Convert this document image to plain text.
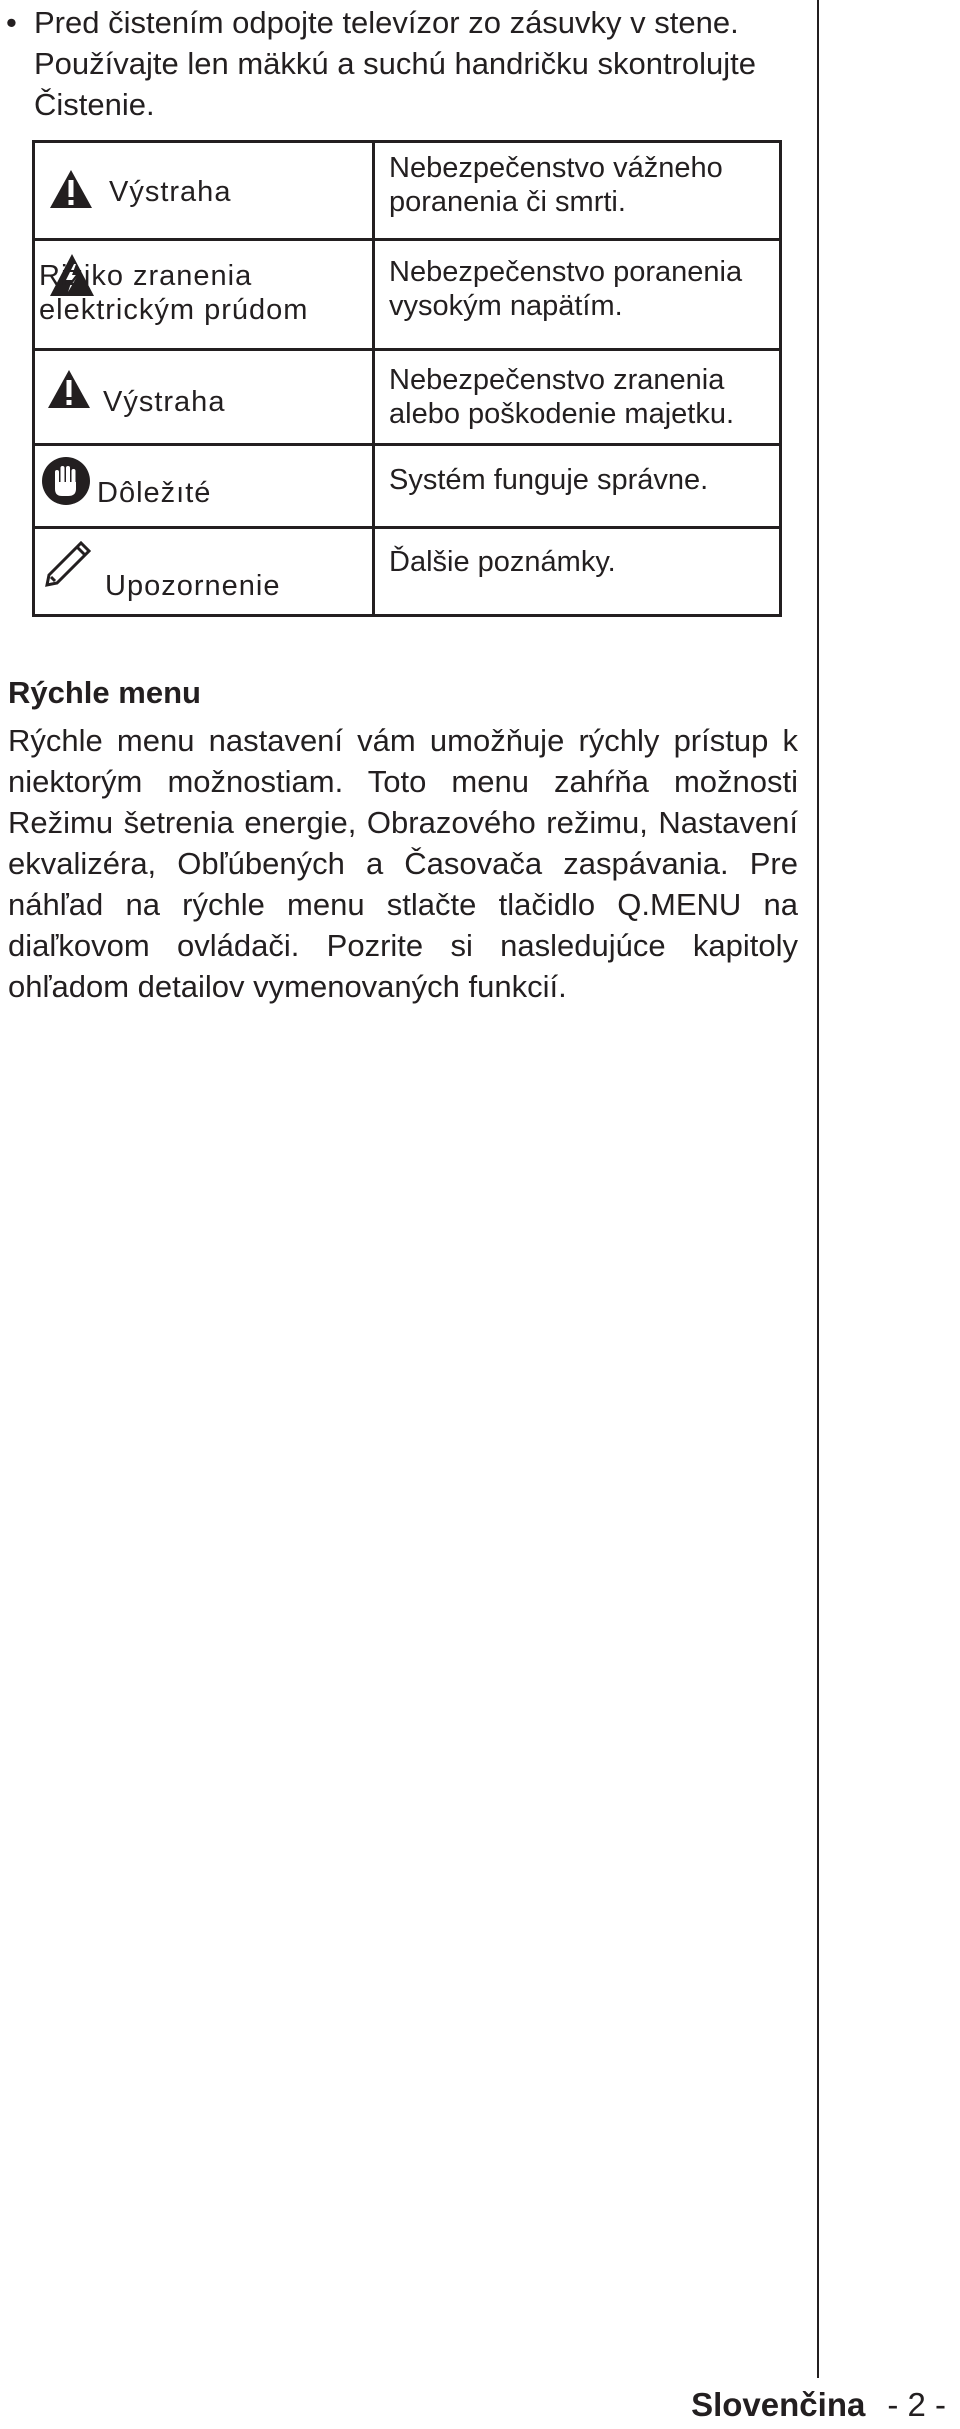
• Pred čistením odpojte televízor zo zásuvky v stene.
Používajte len mäkkú a suchú handričku skontrolujte
Čistenie.
Výstraha
Nebezpečenstvo vážneho poranenia či smrti.
Riziko zranenia elektrickým prúdom
Nebezpečenstvo poranenia vysokým napätím.
Výstraha
Nebezpečenstvo zranenia alebo poškodenie majetku.
Dôležıté	Systém funguje správne.
Upozornenie
Ďalšie poznámky.
Rýchle menu
Rýchle menu nastavení vám umožňuje rýchly prístup k niektorým možnostiam. Toto menu zahŕňa možnosti Režimu šetrenia energie, Obrazového režimu, Nastavení ekvalizéra, Obľúbených a Časovača zaspávania. Pre náhľad na rýchle menu stlačte tlačidlo Q.MENU na diaľkovom ovládači. Pozrite si nasledujúce kapitoly ohľadom detailov vymenovaných funkcií.
Slovenčina - 2 -
